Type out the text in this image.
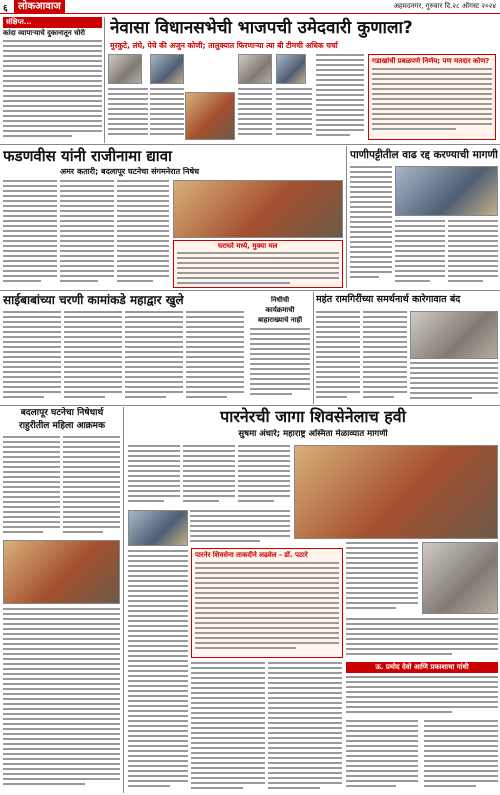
६	लोकआवाज	अहमदनगर, गुरुवार दि.२८ ऑगस्ट २०२४
संक्षिप्त...
कांदा व्यापाऱ्याचे दुकानातून चोरी	नेवासा विधानसभेची भाजपची उमेदवारी कुणाला?
मुरकुटे, लंघे, पेचे की अजुन कोणी; तालुक्यात फिरणाऱ्या त्या बी टीमची अधिक चर्चा
गडाखांची प्रबळपणे निर्णय; पण मतदार कोण?
फडणवीस यांनी राजीनामा द्यावा
अमर कतारी; बदलापूर घटनेचा संगमनेरात निषेध
घराघरे मध्ये, मुक्या मल
पाणीपट्टीतील वाढ रद्द करण्याची मागणी
साईबाबांच्या चरणी कामांकडे महाद्वार खुले	निधीची
कार्यक्रमाची
बाहाराख्याचे नाही
महंत रामगिरींच्या समर्थनार्थ कारेगावात बंद
बदलापूर घटनेचा निषेधार्थ
राहुरीतील महिला आक्रमक	पारनेरची जागा शिवसेनेलाच हवी
सुषमा अंधारे; महाराष्ट्र अस्मिता मेळाव्यात मागणी
पारनेर शिवसेना ताकदीने लढवेल - डॉ. पठारे
ऊ. प्रमोद देवो आणि प्रकाशाचा गांधी
